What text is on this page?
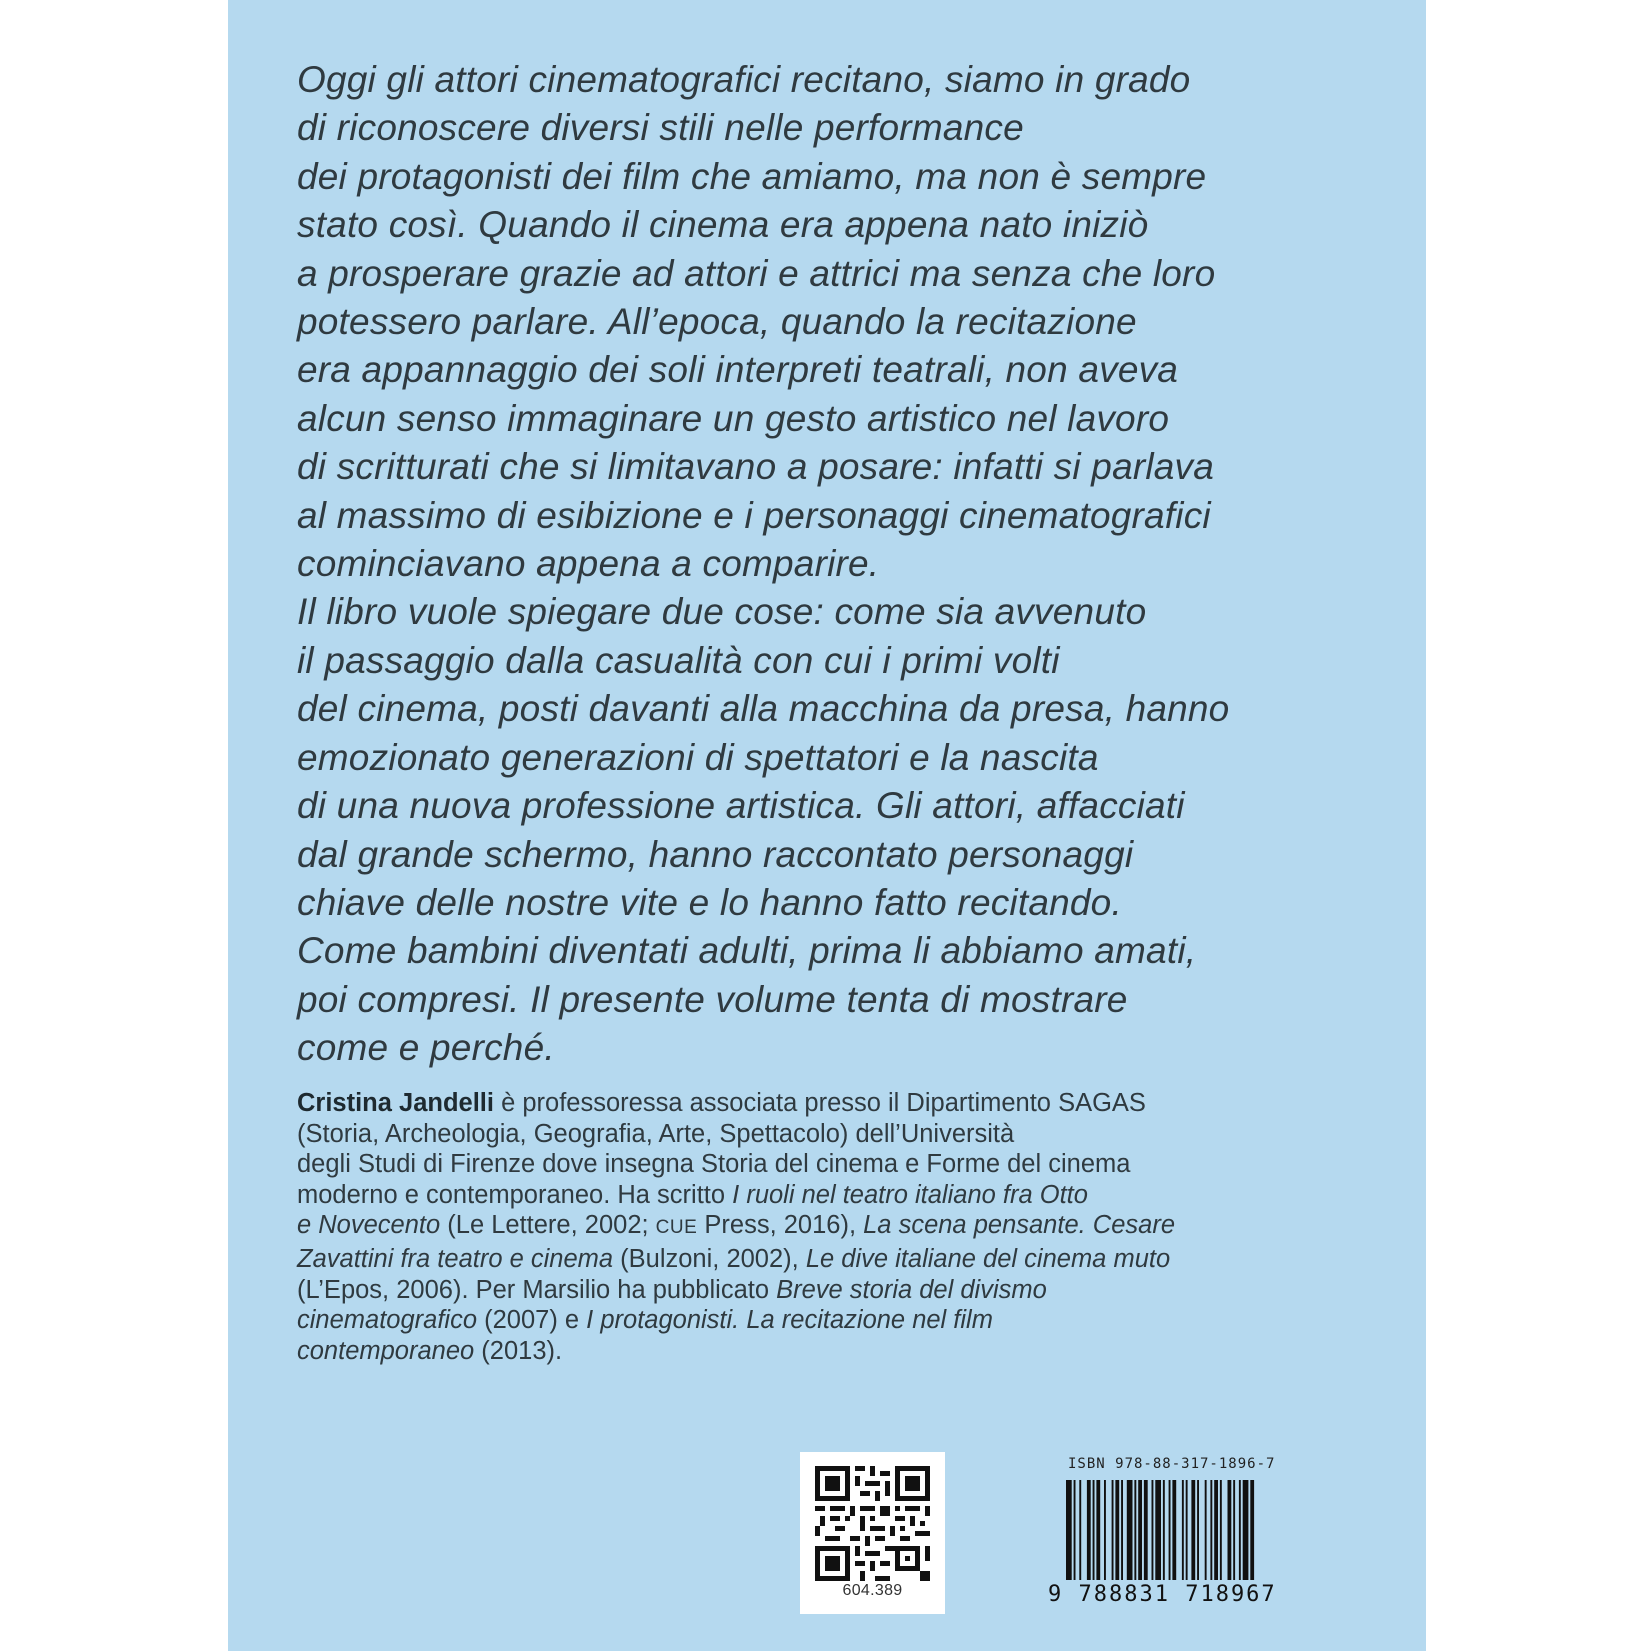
Oggi gli attori cinematografici recitano, siamo in grado
di riconoscere diversi stili nelle performance
dei protagonisti dei film che amiamo, ma non è sempre
stato così. Quando il cinema era appena nato iniziò
a prosperare grazie ad attori e attrici ma senza che loro
potessero parlare. All’epoca, quando la recitazione
era appannaggio dei soli interpreti teatrali, non aveva
alcun senso immaginare un gesto artistico nel lavoro
di scritturati che si limitavano a posare: infatti si parlava
al massimo di esibizione e i personaggi cinematografici
cominciavano appena a comparire.
Il libro vuole spiegare due cose: come sia avvenuto
il passaggio dalla casualità con cui i primi volti
del cinema, posti davanti alla macchina da presa, hanno
emozionato generazioni di spettatori e la nascita
di una nuova professione artistica. Gli attori, affacciati
dal grande schermo, hanno raccontato personaggi
chiave delle nostre vite e lo hanno fatto recitando.
Come bambini diventati adulti, prima li abbiamo amati,
poi compresi. Il presente volume tenta di mostrare
come e perché.

Cristina Jandelli è professoressa associata presso il Dipartimento SAGAS
(Storia, Archeologia, Geografia, Arte, Spettacolo) dell’Università
degli Studi di Firenze dove insegna Storia del cinema e Forme del cinema
moderno e contemporaneo. Ha scritto I ruoli nel teatro italiano fra Otto
e Novecento (Le Lettere, 2002; CUE Press, 2016), La scena pensante. Cesare
Zavattini fra teatro e cinema (Bulzoni, 2002), Le dive italiane del cinema muto
(L’Epos, 2006). Per Marsilio ha pubblicato Breve storia del divismo
cinematografico (2007) e I protagonisti. La recitazione nel film
contemporaneo (2013).

604.389
ISBN 978-88-317-1896-7
9 788831 718967
